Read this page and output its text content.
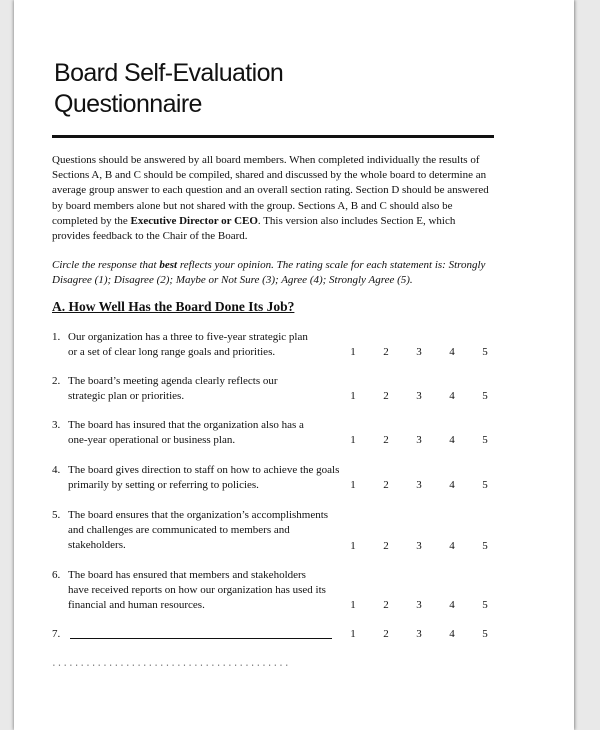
Board Self-Evaluation
Questionnaire

Questions should be answered by all board members. When completed individually the results of
Sections A, B and C should be compiled, shared and discussed by the whole board to determine an
average group answer to each question and an overall section rating. Section D should be answered
by board members alone but not shared with the group. Sections A, B and C should also be
completed by the Executive Director or CEO. This version also includes Section E, which
provides feedback to the Chair of the Board.

Circle the response that best reflects your opinion. The rating scale for each statement is: Strongly
Disagree (1); Disagree (2); Maybe or Not Sure (3); Agree (4); Strongly Agree (5).

A. How Well Has the Board Done Its Job?
1. Our organization has a three to five-year strategic plan
or a set of clear long range goals and priorities.	1	2	3	4	5
2. The board’s meeting agenda clearly reflects our
strategic plan or priorities.	1	2	3	4	5
3. The board has insured that the organization also has a
one-year operational or business plan.	1	2	3	4	5
4. The board gives direction to staff on how to achieve the goals
primarily by setting or referring to policies.	1	2	3	4	5
5. The board ensures that the organization’s accomplishments
and challenges are communicated to members and
stakeholders.	1	2	3	4	5
6. The board has ensured that members and stakeholders
have received reports on how our organization has used its
financial and human resources.	1	2	3	4	5
7.	1	2	3	4	5
․․․․․․․․․․․․․․․․․․․․․․․․․․․․․․․․․․․․․․․․․․
